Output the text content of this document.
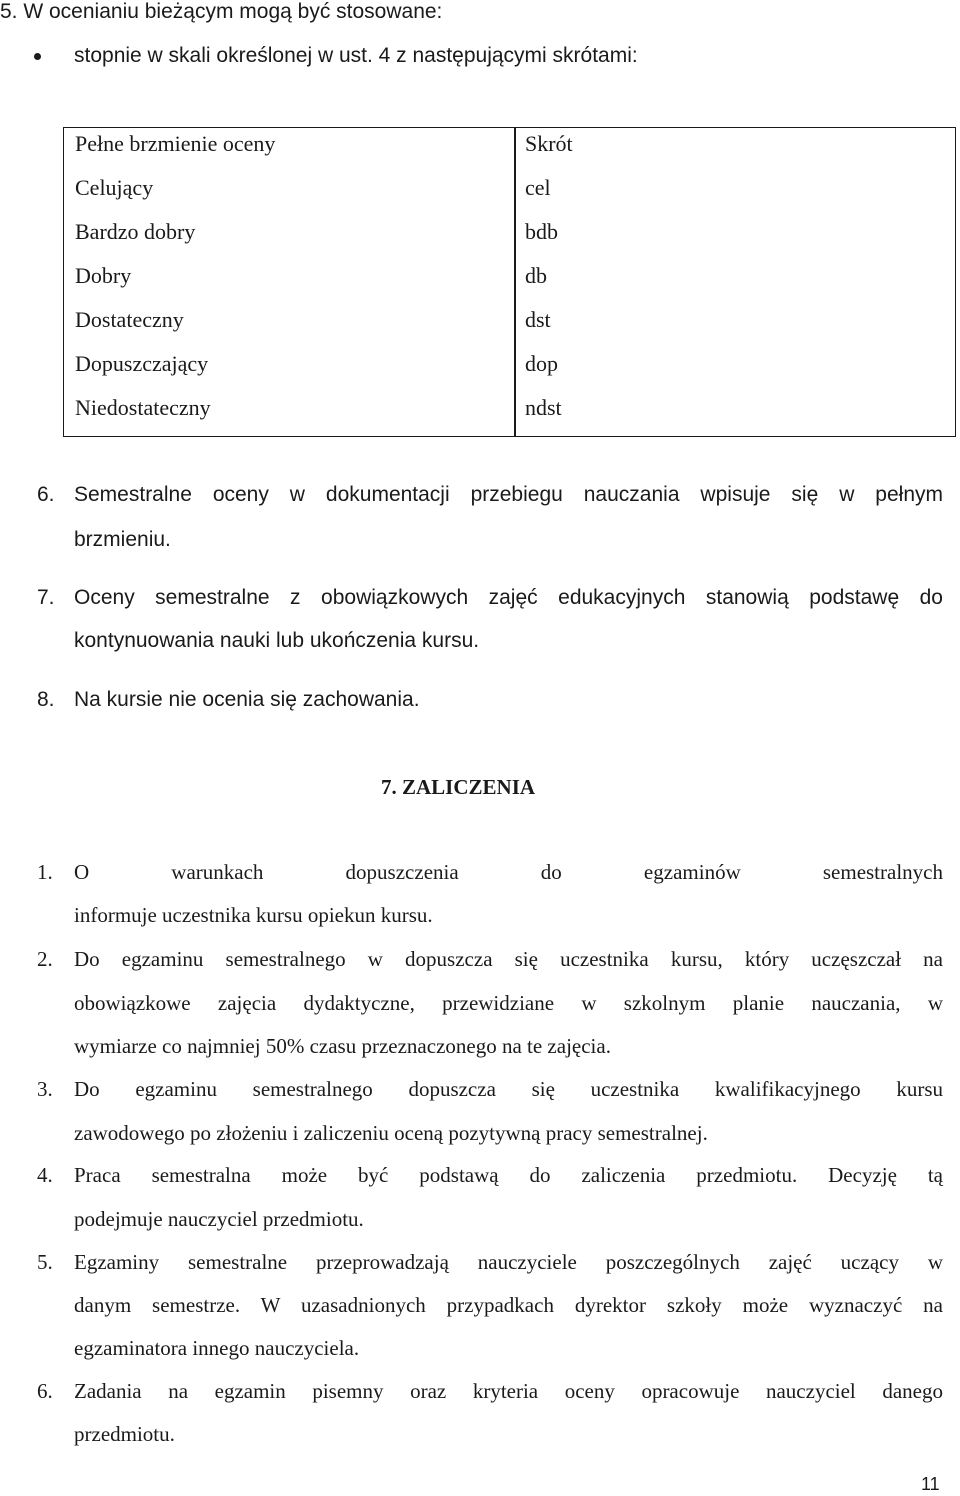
5. W ocenianiu bieżącym mogą być stosowane:
stopnie w skali określonej w ust. 4 z następującymi skrótami:
Pełne brzmienie oceny	Skrót
Celujący	cel
Bardzo dobry	bdb
Dobry	db
Dostateczny	dst
Dopuszczający	dop
Niedostateczny	ndst
6. Semestralne oceny w dokumentacji przebiegu nauczania wpisuje się w pełnym
brzmieniu.
7. Oceny semestralne z obowiązkowych zajęć edukacyjnych stanowią podstawę do
kontynuowania nauki lub ukończenia kursu.
8. Na kursie nie ocenia się zachowania.
7. ZALICZENIA
1. O warunkach dopuszczenia do egzaminów semestralnych
informuje uczestnika kursu opiekun kursu.
2. Do egzaminu semestralnego w dopuszcza się uczestnika kursu, który uczęszczał na
obowiązkowe zajęcia dydaktyczne, przewidziane w szkolnym planie nauczania, w
wymiarze co najmniej 50% czasu przeznaczonego na te zajęcia.
3. Do egzaminu semestralnego dopuszcza się uczestnika kwalifikacyjnego kursu
zawodowego po złożeniu i zaliczeniu oceną pozytywną pracy semestralnej.
4. Praca semestralna może być podstawą do zaliczenia przedmiotu. Decyzję tą
podejmuje nauczyciel przedmiotu.
5. Egzaminy semestralne przeprowadzają nauczyciele poszczególnych zajęć uczący w
danym semestrze. W uzasadnionych przypadkach dyrektor szkoły może wyznaczyć na
egzaminatora innego nauczyciela.
6. Zadania na egzamin pisemny oraz kryteria oceny opracowuje nauczyciel danego
przedmiotu.
11
